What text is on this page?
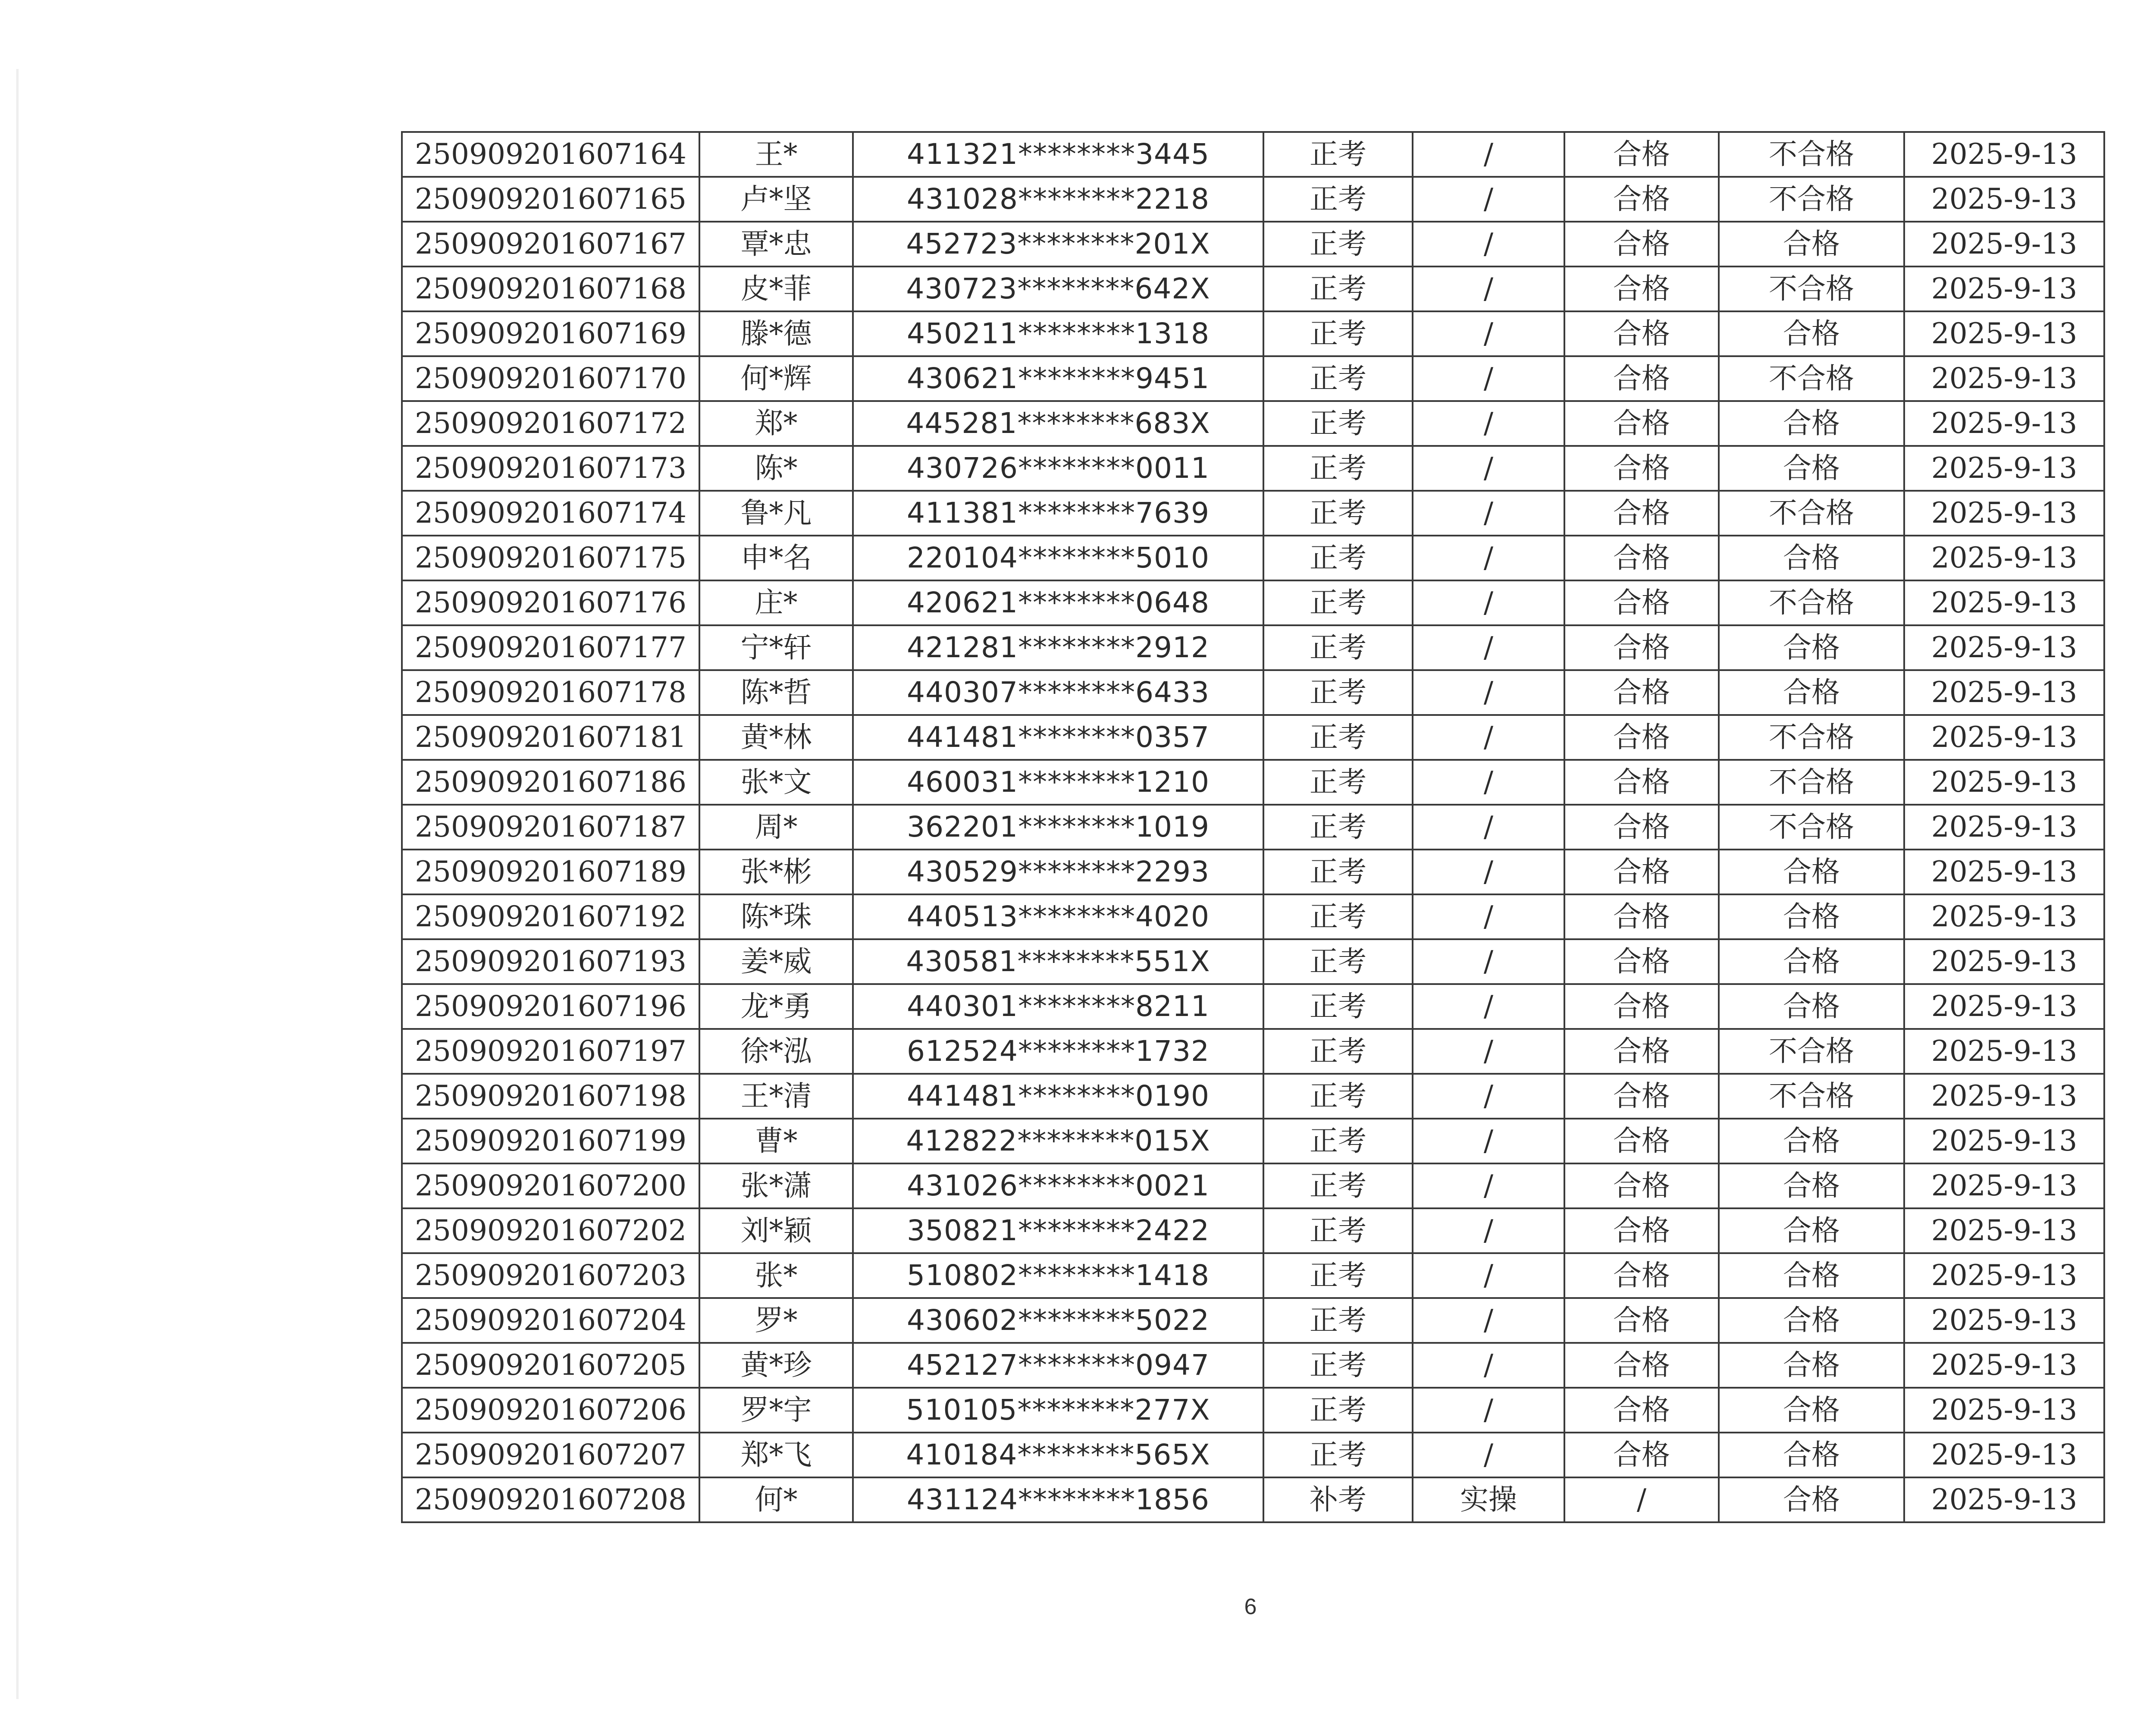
250909201607164	王*	411321********3445	正考	/	合格	不合格	2025-9-13
250909201607165	卢*坚	431028********2218	正考	/	合格	不合格	2025-9-13
250909201607167	覃*忠	452723********201X	正考	/	合格	合格	2025-9-13
250909201607168	皮*菲	430723********642X	正考	/	合格	不合格	2025-9-13
250909201607169	滕*德	450211********1318	正考	/	合格	合格	2025-9-13
250909201607170	何*辉	430621********9451	正考	/	合格	不合格	2025-9-13
250909201607172	郑*	445281********683X	正考	/	合格	合格	2025-9-13
250909201607173	陈*	430726********0011	正考	/	合格	合格	2025-9-13
250909201607174	鲁*凡	411381********7639	正考	/	合格	不合格	2025-9-13
250909201607175	申*名	220104********5010	正考	/	合格	合格	2025-9-13
250909201607176	庄*	420621********0648	正考	/	合格	不合格	2025-9-13
250909201607177	宁*轩	421281********2912	正考	/	合格	合格	2025-9-13
250909201607178	陈*哲	440307********6433	正考	/	合格	合格	2025-9-13
250909201607181	黄*林	441481********0357	正考	/	合格	不合格	2025-9-13
250909201607186	张*文	460031********1210	正考	/	合格	不合格	2025-9-13
250909201607187	周*	362201********1019	正考	/	合格	不合格	2025-9-13
250909201607189	张*彬	430529********2293	正考	/	合格	合格	2025-9-13
250909201607192	陈*珠	440513********4020	正考	/	合格	合格	2025-9-13
250909201607193	姜*威	430581********551X	正考	/	合格	合格	2025-9-13
250909201607196	龙*勇	440301********8211	正考	/	合格	合格	2025-9-13
250909201607197	徐*泓	612524********1732	正考	/	合格	不合格	2025-9-13
250909201607198	王*清	441481********0190	正考	/	合格	不合格	2025-9-13
250909201607199	曹*	412822********015X	正考	/	合格	合格	2025-9-13
250909201607200	张*潇	431026********0021	正考	/	合格	合格	2025-9-13
250909201607202	刘*颖	350821********2422	正考	/	合格	合格	2025-9-13
250909201607203	张*	510802********1418	正考	/	合格	合格	2025-9-13
250909201607204	罗*	430602********5022	正考	/	合格	合格	2025-9-13
250909201607205	黄*珍	452127********0947	正考	/	合格	合格	2025-9-13
250909201607206	罗*宇	510105********277X	正考	/	合格	合格	2025-9-13
250909201607207	郑*飞	410184********565X	正考	/	合格	合格	2025-9-13
250909201607208	何*	431124********1856	补考	实操	/	合格	2025-9-13
6
